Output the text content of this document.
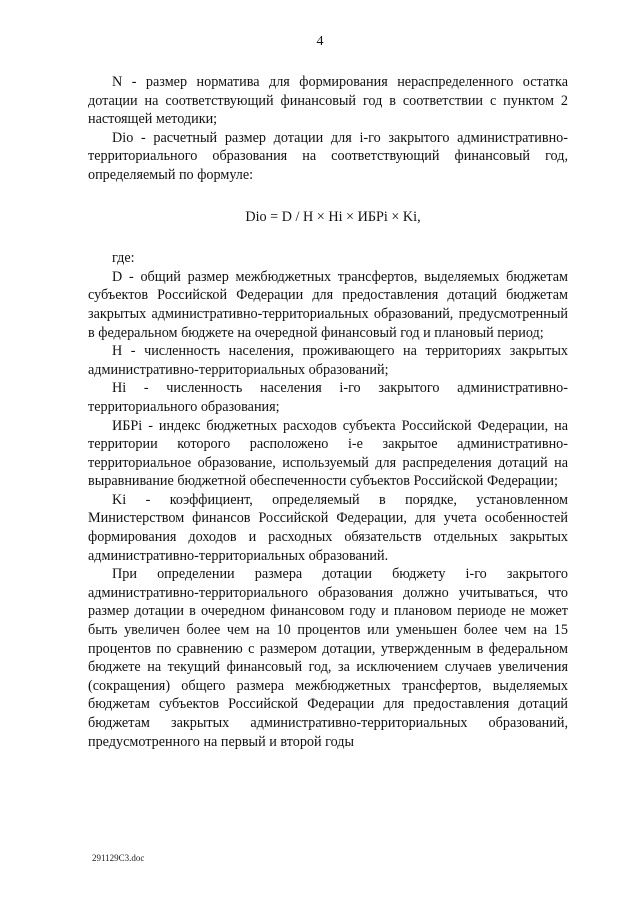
4

N - размер норматива для формирования нераспределенного остатка дотации на соответствующий финансовый год в соответствии с пунктом 2 настоящей методики;

Dio - расчетный размер дотации для i-го закрытого административно-территориального образования на соответствующий финансовый год, определяемый по формуле:

Dio = D / H × Hi × ИБРi × Ki,

где:

D - общий размер межбюджетных трансфертов, выделяемых бюджетам субъектов Российской Федерации для предоставления дотаций бюджетам закрытых административно-территориальных образований, предусмотренный в федеральном бюджете на очередной финансовый год и плановый период;

H - численность населения, проживающего на территориях закрытых административно-территориальных образований;

Hi - численность населения i-го закрытого административно-территориального образования;

ИБРi - индекс бюджетных расходов субъекта Российской Федерации, на территории которого расположено i-е закрытое административно-территориальное образование, используемый для распределения дотаций на выравнивание бюджетной обеспеченности субъектов Российской Федерации;

Ki - коэффициент, определяемый в порядке, установленном Министерством финансов Российской Федерации, для учета особенностей формирования доходов и расходных обязательств отдельных закрытых административно-территориальных образований.

При определении размера дотации бюджету i-го закрытого административно-территориального образования должно учитываться, что размер дотации в очередном финансовом году и плановом периоде не может быть увеличен более чем на 10 процентов или уменьшен более чем на 15 процентов по сравнению с размером дотации, утвержденным в федеральном бюджете на текущий финансовый год, за исключением случаев увеличения (сокращения) общего размера межбюджетных трансфертов, выделяемых бюджетам субъектов Российской Федерации для предоставления дотаций бюджетам закрытых административно-территориальных образований, предусмотренного на первый и второй годы

291129C3.doc
